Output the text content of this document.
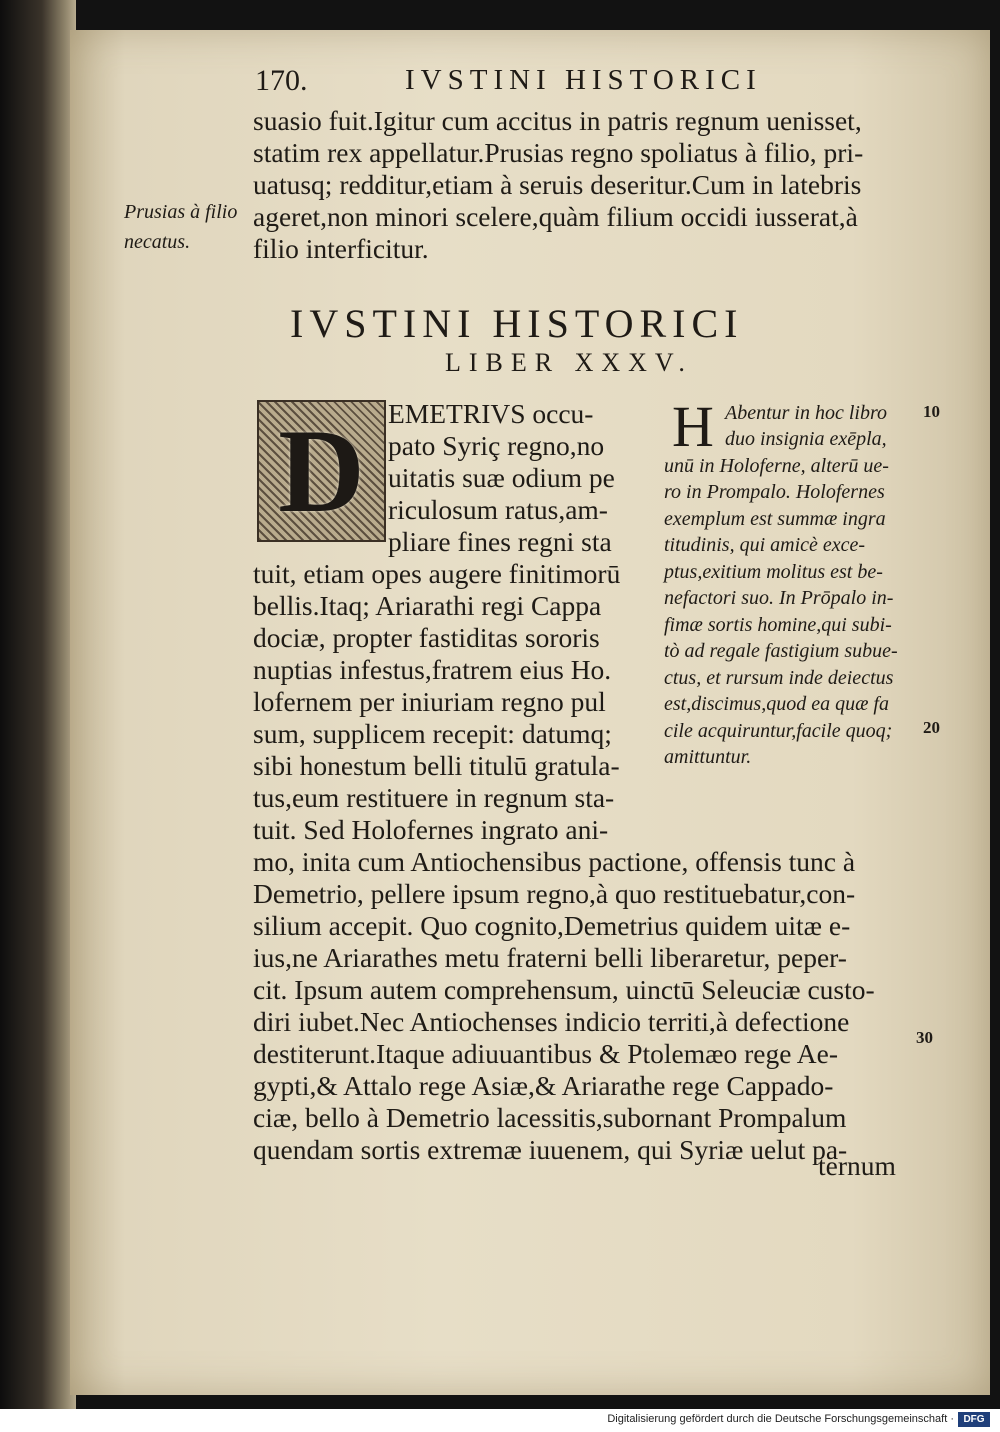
170.	IVSTINI HISTORICI

suasio fuit.Igitur cum accitus in patris regnum uenisset,

statim rex appellatur.Prusias regno spoliatus à filio, pri-

uatusq; redditur,etiam à seruis deseritur.Cum in latebris

ageret,non minori scelere,quàm filium occidi iusserat,à

filio interficitur.

Prusias à filio

necatus.

IVSTINI HISTORICI

LIBER XXXV.

D EMETRIVS occu-

pato Syriç regno,no

uitatis suæ odium pe

riculosum ratus,am-

pliare fines regni sta

tuit, etiam opes augere finitimorū

bellis.Itaq; Ariarathi regi Cappa

dociæ, propter fastiditas sororis

nuptias infestus,fratrem eius Ho.

lofernem per iniuriam regno pul

sum, supplicem recepit: datumq;

sibi honestum belli titulū gratula-

tus,eum restituere in regnum sta-

tuit. Sed Holofernes ingrato ani-

H Abentur in hoc libro

duo insignia exēpla,

unū in Holoferne, alterū ue-

ro in Prompalo. Holofernes

exemplum est summæ ingra

titudinis, qui amicè exce-

ptus,exitium molitus est be-

nefactori suo. In Prōpalo in-

fimæ sortis homine,qui subi-

tò ad regale fastigium subue-

ctus, et rursum inde deiectus

est,discimus,quod ea quæ fa

cile acquiruntur,facile quoq;

amittuntur.

mo, inita cum Antiochensibus pactione, offensis tunc à

Demetrio, pellere ipsum regno,à quo restituebatur,con-

silium accepit. Quo cognito,Demetrius quidem uitæ e-

ius,ne Ariarathes metu fraterni belli liberaretur, peper-

cit. Ipsum autem comprehensum, uinctū Seleuciæ custo-

diri iubet.Nec Antiochenses indicio territi,à defectione

destiterunt.Itaque adiuuantibus & Ptolemæo rege Ae-

gypti,& Attalo rege Asiæ,& Ariarathe rege Cappado-

ciæ, bello à Demetrio lacessitis,subornant Prompalum

quendam sortis extremæ iuuenem, qui Syriæ uelut pa-

ternum

10
20
30
Digitalisierung gefördert durch die Deutsche Forschungsgemeinschaft · DFG
